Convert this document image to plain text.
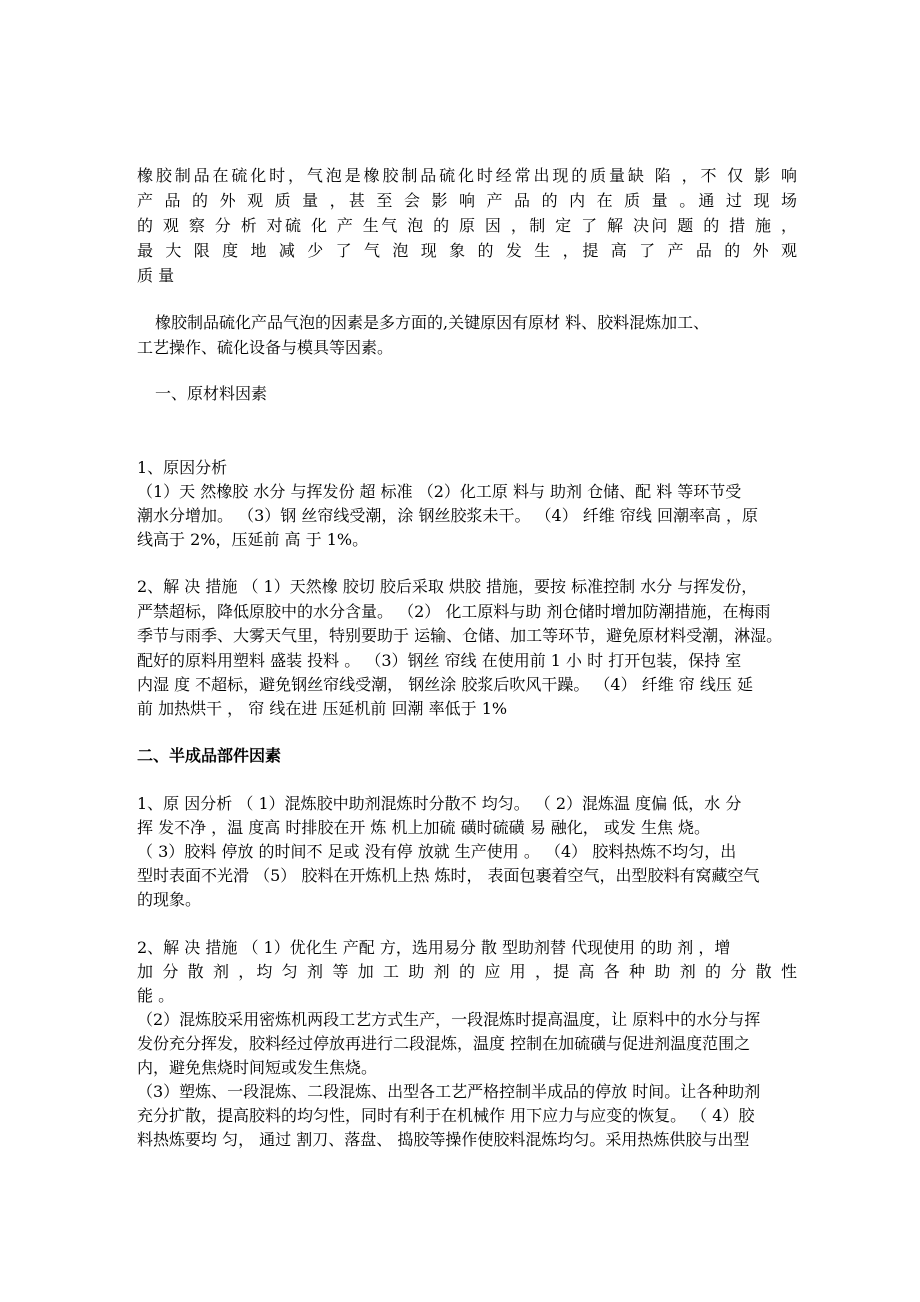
橡胶制品在硫化时，气泡是橡胶制品硫化时经常出现的质量缺 陷 ，不 仅 影 响
产 品 的 外 观 质 量 ，甚 至 会 影 响 产 品 的 内 在 质 量 。通 过 现 场
的 观 察 分 析 对硫 化 产 生气 泡 的 原 因 ，制 定 了 解 决问 题 的 措 施 ，
最 大 限 度 地 减 少 了 气 泡 现 象 的 发 生 ，提 高 了 产 品 的 外 观
质 量
橡胶制品硫化产品气泡的因素是多方面的,关键原因有原材 料、胶料混炼加工、
工艺操作、硫化设备与模具等因素。
一、原材料因素
1、原因分析
（1）天 然橡胶 水分 与挥发份 超 标准 （2）化工原 料与 助剂 仓储、配 料 等环节受
潮水分增加。 （3）钢 丝帘线受潮，涂 钢丝胶浆未干。 （4） 纤维 帘线 回潮率高 ，原
线高于 2%，压延前 高 于 1%。
2、解 决 措施 （ 1）天然橡 胶切 胶后采取 烘胶 措施，要按 标准控制 水分 与挥发份，
严禁超标，降低原胶中的水分含量。 （2） 化工原料与助 剂仓储时增加防潮措施，在梅雨
季节与雨季、大雾天气里，特别要助于 运输、仓储、加工等环节，避免原材料受潮，淋湿。
配好的原料用塑料 盛装 投料 。 （3）钢丝 帘线 在使用前 1 小 时 打开包装，保持 室
内湿 度 不超标，避免钢丝帘线受潮， 钢丝涂 胶浆后吹风干躁。 （4） 纤维 帘 线压 延
前 加热烘干 ， 帘 线在进 压延机前 回潮 率低于 1%
二、半成品部件因素
1、原 因分析 （ 1）混炼胶中助剂混炼时分散不 均匀。 （ 2）混炼温 度偏 低，水 分
挥 发不净 ，温 度高 时排胶在开 炼 机上加硫 磺时硫磺 易 融化， 或发 生焦 烧。
（ 3）胶料 停放 的时间不 足或 没有停 放就 生产使用 。 （4） 胶料热炼不均匀，出
型时表面不光滑 （5） 胶料在开炼机上热 炼时， 表面包裹着空气，出型胶料有窝藏空气
的现象。
2、解 决 措施 （ 1）优化生 产配 方，选用易分 散 型助剂替 代现使用 的助 剂 ，增
加 分 散 剂 ，均 匀 剂 等 加 工 助 剂 的 应 用 ，提 高 各 种 助 剂 的 分 散 性
能 。
（2）混炼胶采用密炼机两段工艺方式生产，一段混炼时提高温度，让 原料中的水分与挥
发份充分挥发，胶料经过停放再进行二段混炼，温度 控制在加硫磺与促进剂温度范围之
内，避免焦烧时间短或发生焦烧。
（3）塑炼、一段混炼、二段混炼、出型各工艺严格控制半成品的停放 时间。让各种助剂
充分扩散，提高胶料的均匀性，同时有利于在机械作 用下应力与应变的恢复。 （ 4）胶
料热炼要均 匀， 通过 割刀、落盘、 捣胶等操作使胶料混炼均匀。采用热炼供胶与出型
